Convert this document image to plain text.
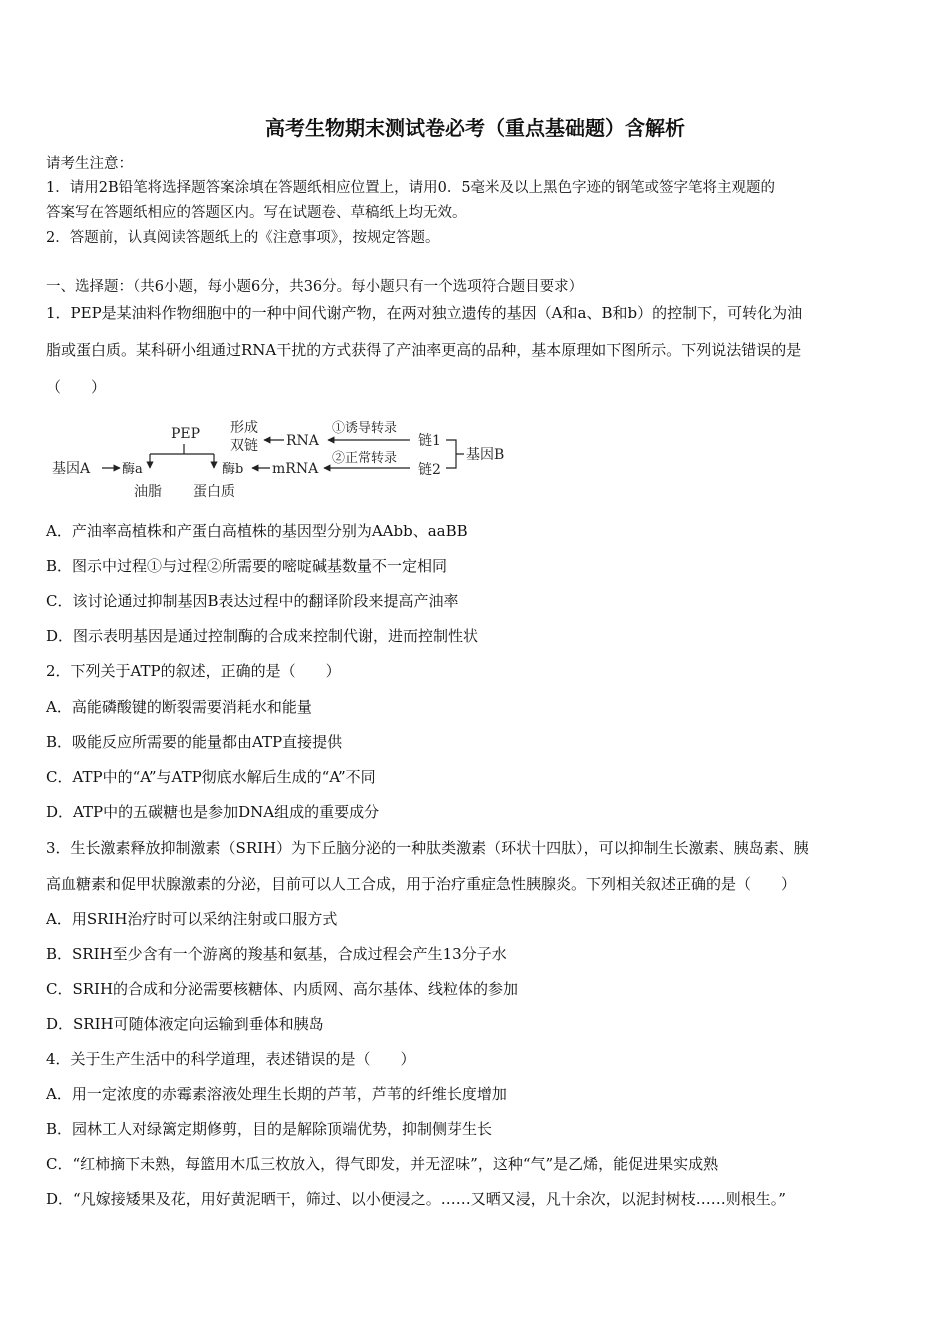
高考生物期末测试卷必考（重点基础题）含解析
请考生注意：
1．请用2B铅笔将选择题答案涂填在答题纸相应位置上，请用0．5毫米及以上黑色字迹的钢笔或签字笔将主观题的
答案写在答题纸相应的答题区内。写在试题卷、草稿纸上均无效。
2．答题前，认真阅读答题纸上的《注意事项》，按规定答题。
一、选择题：（共6小题，每小题6分，共36分。每小题只有一个选项符合题目要求）
1．PEP是某油料作物细胞中的一种中间代谢产物，在两对独立遗传的基因（A和a、B和b）的控制下，可转化为油
脂或蛋白质。某科研小组通过RNA干扰的方式获得了产油率更高的品种，基本原理如下图所示。下列说法错误的是
（　　）
PEP
基因A 酶a	酶b mRNA
油脂 蛋白质
形成
双链 RNA
①诱导转录
②正常转录
链1
链2
基因B
A．产油率高植株和产蛋白高植株的基因型分别为AAbb、aaBB
B．图示中过程①与过程②所需要的嘧啶碱基数量不一定相同
C．该讨论通过抑制基因B表达过程中的翻译阶段来提高产油率
D．图示表明基因是通过控制酶的合成来控制代谢，进而控制性状
2．下列关于ATP的叙述，正确的是（　　）
A．高能磷酸键的断裂需要消耗水和能量
B．吸能反应所需要的能量都由ATP直接提供
C．ATP中的“A”与ATP彻底水解后生成的“A”不同
D．ATP中的五碳糖也是参加DNA组成的重要成分
3．生长激素释放抑制激素（SRIH）为下丘脑分泌的一种肽类激素（环状十四肽），可以抑制生长激素、胰岛素、胰
高血糖素和促甲状腺激素的分泌，目前可以人工合成，用于治疗重症急性胰腺炎。下列相关叙述正确的是（　　）
A．用SRIH治疗时可以采纳注射或口服方式
B．SRIH至少含有一个游离的羧基和氨基，合成过程会产生13分子水
C．SRIH的合成和分泌需要核糖体、内质网、高尔基体、线粒体的参加
D．SRIH可随体液定向运输到垂体和胰岛
4．关于生产生活中的科学道理，表述错误的是（　　）
A．用一定浓度的赤霉素溶液处理生长期的芦苇，芦苇的纤维长度增加
B．园林工人对绿篱定期修剪，目的是解除顶端优势，抑制侧芽生长
C．“红柿摘下未熟，每篮用木瓜三枚放入，得气即发，并无涩味”，这种“气”是乙烯，能促进果实成熟
D．“凡嫁接矮果及花，用好黄泥晒干，筛过、以小便浸之。……又晒又浸，凡十余次，以泥封树枝……则根生。”
